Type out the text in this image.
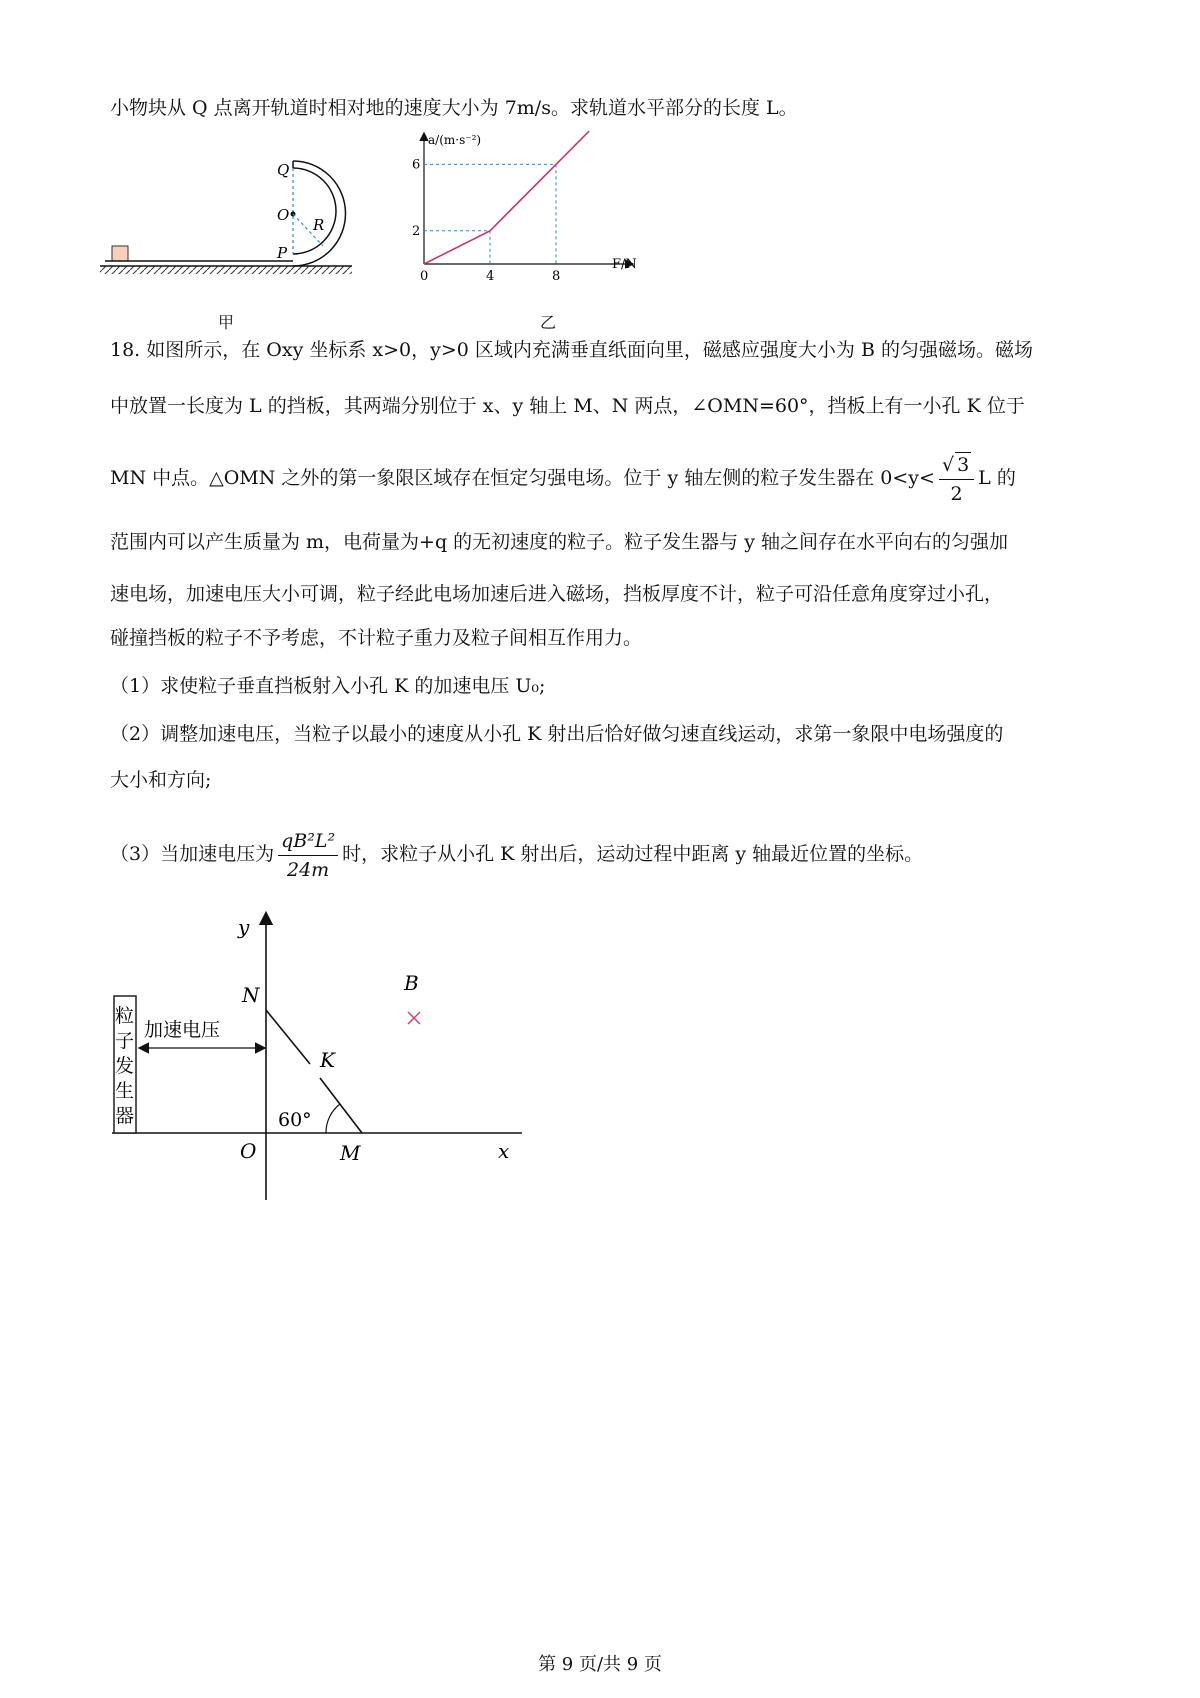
小物块从 Q 点离开轨道时相对地的速度大小为 7m/s。求轨道水平部分的长度 L。
Q
O
R
P
甲
a/(m·s⁻²)
F/N
0	4	8
2
6
乙
18. 如图所示，在 Oxy 坐标系 x>0，y>0 区域内充满垂直纸面向里，磁感应强度大小为 B 的匀强磁场。磁场
中放置一长度为 L 的挡板，其两端分别位于 x、y 轴上 M、N 两点，∠OMN=60°，挡板上有一小孔 K 位于
MN 中点。△OMN 之外的第一象限区域存在恒定匀强电场。位于 y 轴左侧的粒子发生器在 $0<y< \frac{√ 3}{2}$ L 的
范围内可以产生质量为 m，电荷量为+q 的无初速度的粒子。粒子发生器与 y 轴之间存在水平向右的匀强加
速电场，加速电压大小可调，粒子经此电场加速后进入磁场，挡板厚度不计，粒子可沿任意角度穿过小孔，
碰撞挡板的粒子不予考虑，不计粒子重力及粒子间相互作用力。
（1）求使粒子垂直挡板射入小孔 K 的加速电压 U₀;
（2）调整加速电压，当粒子以最小的速度从小孔 K 射出后恰好做匀速直线运动，求第一象限中电场强度的
大小和方向;
（3）当加速电压为 $\frac{\text{qB²L²}}{24m}$ 时，求粒子从小孔 K 射出后，运动过程中距离 y 轴最近位置的坐标。
y
x
O	M
N
K
B
60°
粒
子
发
生
器
加速电压
第 9 页/共 9 页
